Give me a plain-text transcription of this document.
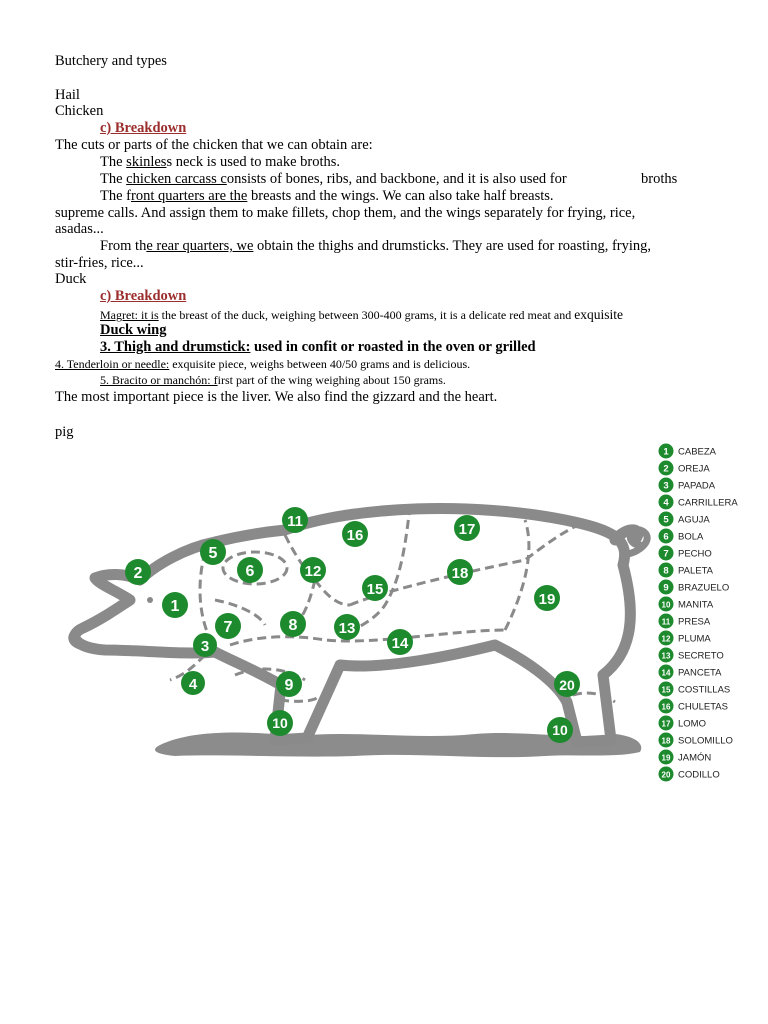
Butchery and types
Hail
Chicken
c) Breakdown
The cuts or parts of the chicken that we can obtain are:
The skinless neck is used to make broths.
The chicken carcass consists of bones, ribs, and backbone, and it is also used for	broths
The front quarters are the breasts and the wings. We can also take half breasts.
supreme calls. And assign them to make fillets, chop them, and the wings separately for frying, rice,
asadas...
From the rear quarters, we obtain the thighs and drumsticks. They are used for roasting, frying,
stir-fries, rice...
Duck
c) Breakdown
Magret: it is the breast of the duck, weighing between 300-400 grams, it is a delicate red meat and exquisite
Duck wing
3. Thigh and drumstick: used in confit or roasted in the oven or grilled
4. Tenderloin or needle: exquisite piece, weighs between 40/50 grams and is delicious.
5. Bracito or manchón: first part of the wing weighing about 150 grams.
The most important piece is the liver. We also find the gizzard and the heart.
pig
1
2
3
4
5
6
7	8
9
10
11
12
13
14
15
16	17
18
19
20
10
1 CABEZA
2 OREJA
3 PAPADA
4 CARRILLERA
5 AGUJA
6 BOLA
7 PECHO
8 PALETA
9 BRAZUELO
10 MANITA
11 PRESA
12 PLUMA
13 SECRETO
14 PANCETA
15 COSTILLAS
16 CHULETAS
17 LOMO
18 SOLOMILLO
19 JAMÓN
20 CODILLO
